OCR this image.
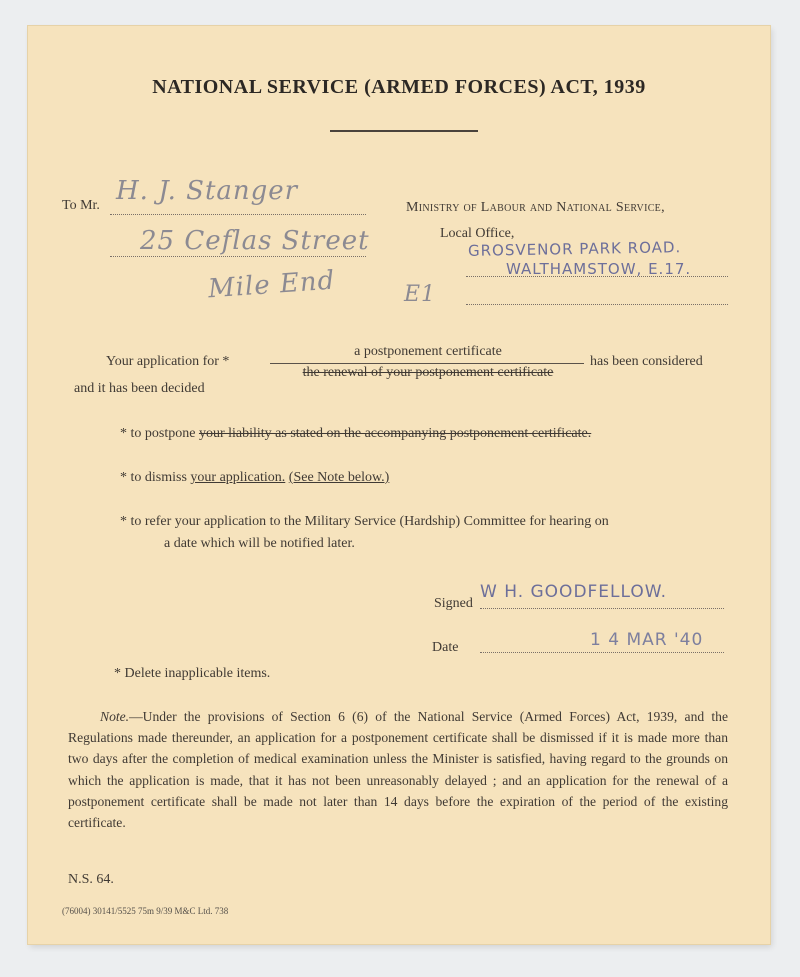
NATIONAL SERVICE (ARMED FORCES) ACT, 1939
To Mr. H. J. Stanger
25 Ceflas Street
Mile End	E1
Ministry of Labour and National Service,
Local Office,
GROSVENOR PARK ROAD.
WALTHAMSTOW, E.17.
Your application for *
a postponement certificate
the renewal of your postponement certificate
has been considered
and it has been decided
* to postpone your liability as stated on the accompanying postponement certificate.
* to dismiss your application. (See Note below.)
* to refer your application to the Military Service (Hardship) Committee for hearing on
a date which will be notified later.
W H. GOODFELLOW.
Signed
1 4 MAR '40
Date
* Delete inapplicable items.
Note.—Under the provisions of Section 6 (6) of the National Service (Armed Forces) Act, 1939, and the Regulations made thereunder, an application for a postponement certificate shall be dismissed if it is made more than two days after the completion of medical examination unless the Minister is satisfied, having regard to the grounds on which the application is made, that it has not been unreasonably delayed ; and an application for the renewal of a postponement certificate shall be made not later than 14 days before the expiration of the period of the existing certificate.
N.S. 64.
(76004) 30141/5525 75m 9/39 M&C Ltd. 738
